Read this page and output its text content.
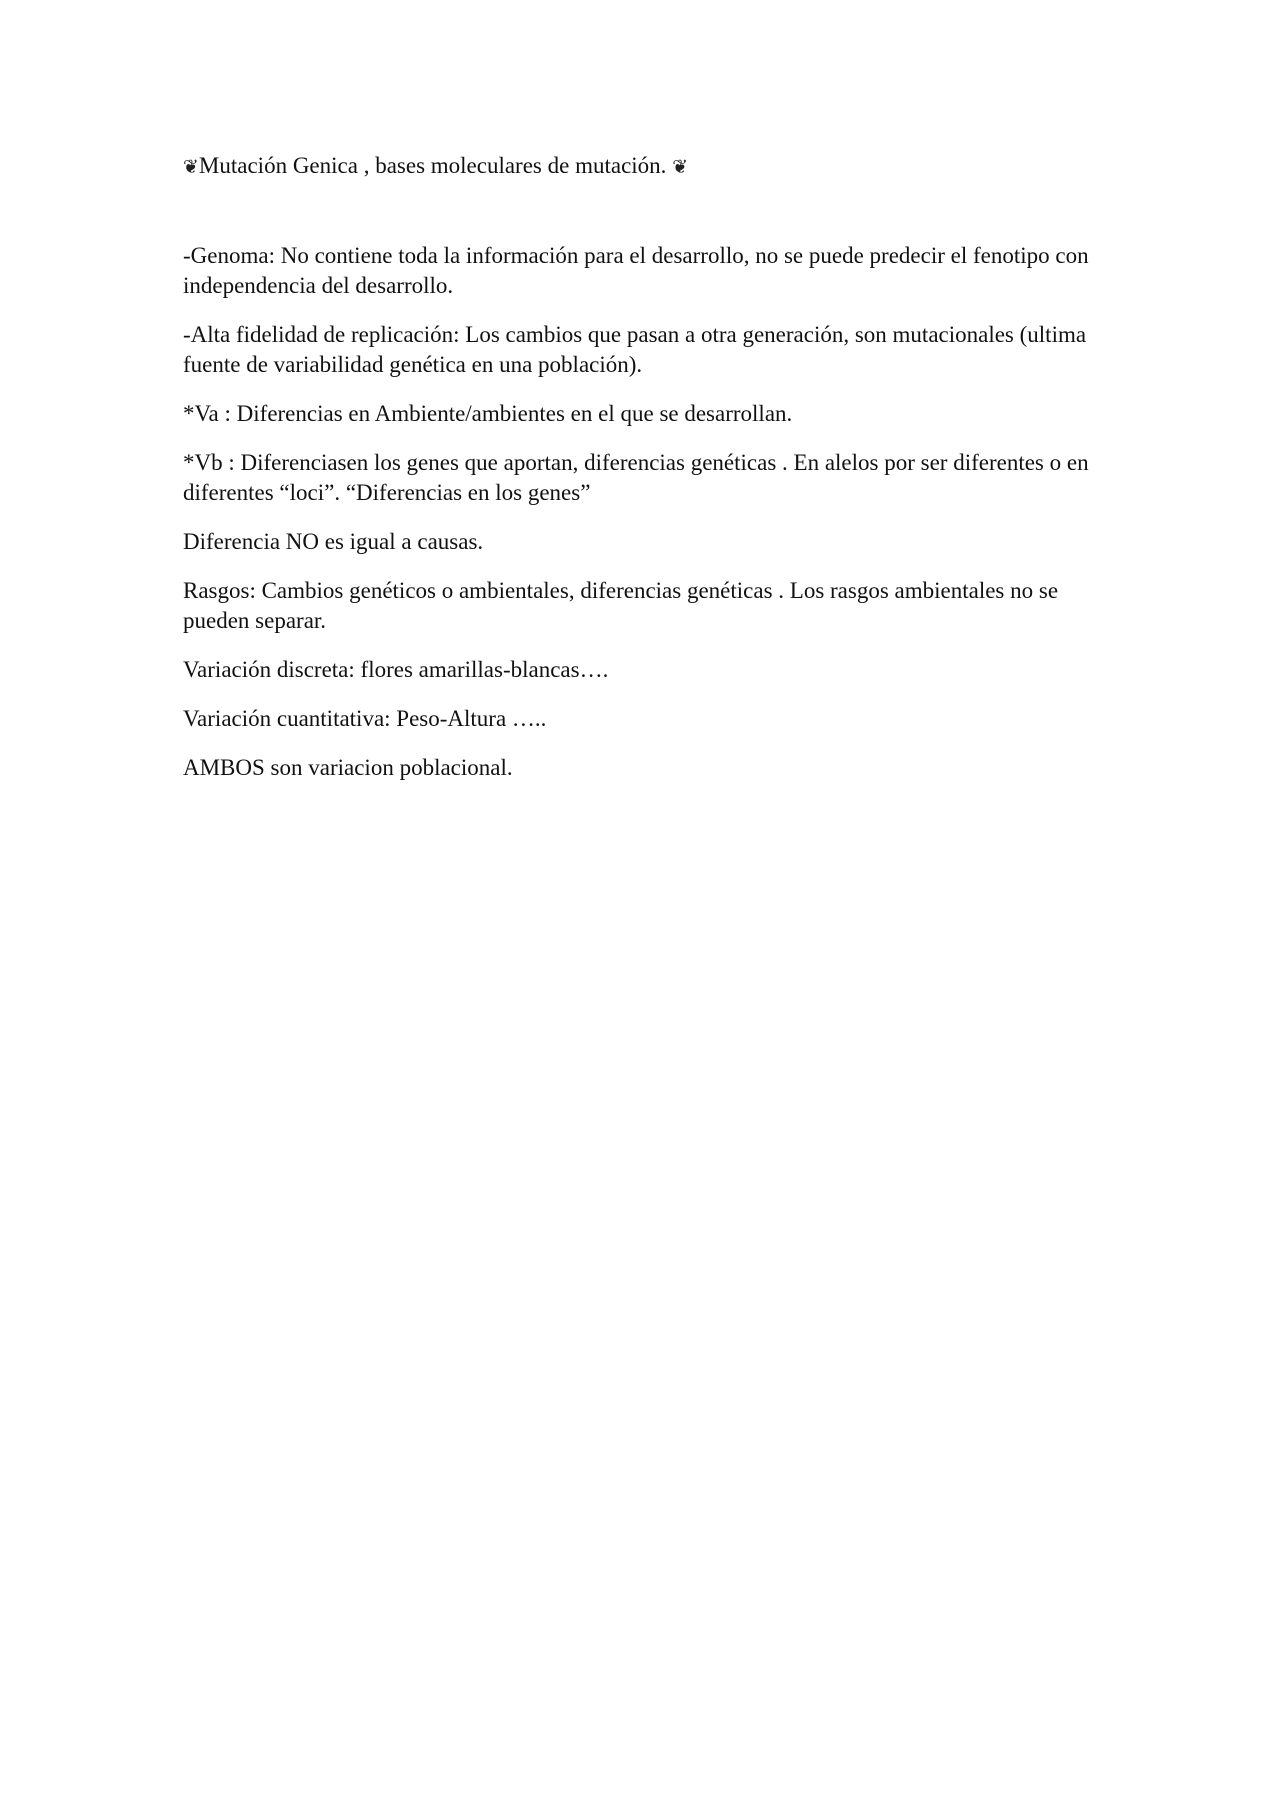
❦Mutación Genica , bases moleculares de mutación. ❦

-Genoma: No contiene toda la información para el desarrollo, no se puede predecir el fenotipo con independencia del desarrollo.

-Alta fidelidad de replicación: Los cambios que pasan a otra generación, son mutacionales (ultima fuente de variabilidad genética en una población).

*Va : Diferencias en Ambiente/ambientes en el que se desarrollan.

*Vb : Diferenciasen los genes que aportan, diferencias genéticas . En alelos por ser diferentes o en diferentes “loci”. “Diferencias en los genes”

Diferencia NO es igual a causas.

Rasgos: Cambios genéticos o ambientales, diferencias genéticas . Los rasgos ambientales no se pueden separar.

Variación discreta: flores amarillas-blancas….

Variación cuantitativa: Peso-Altura …..

AMBOS son variacion poblacional.
